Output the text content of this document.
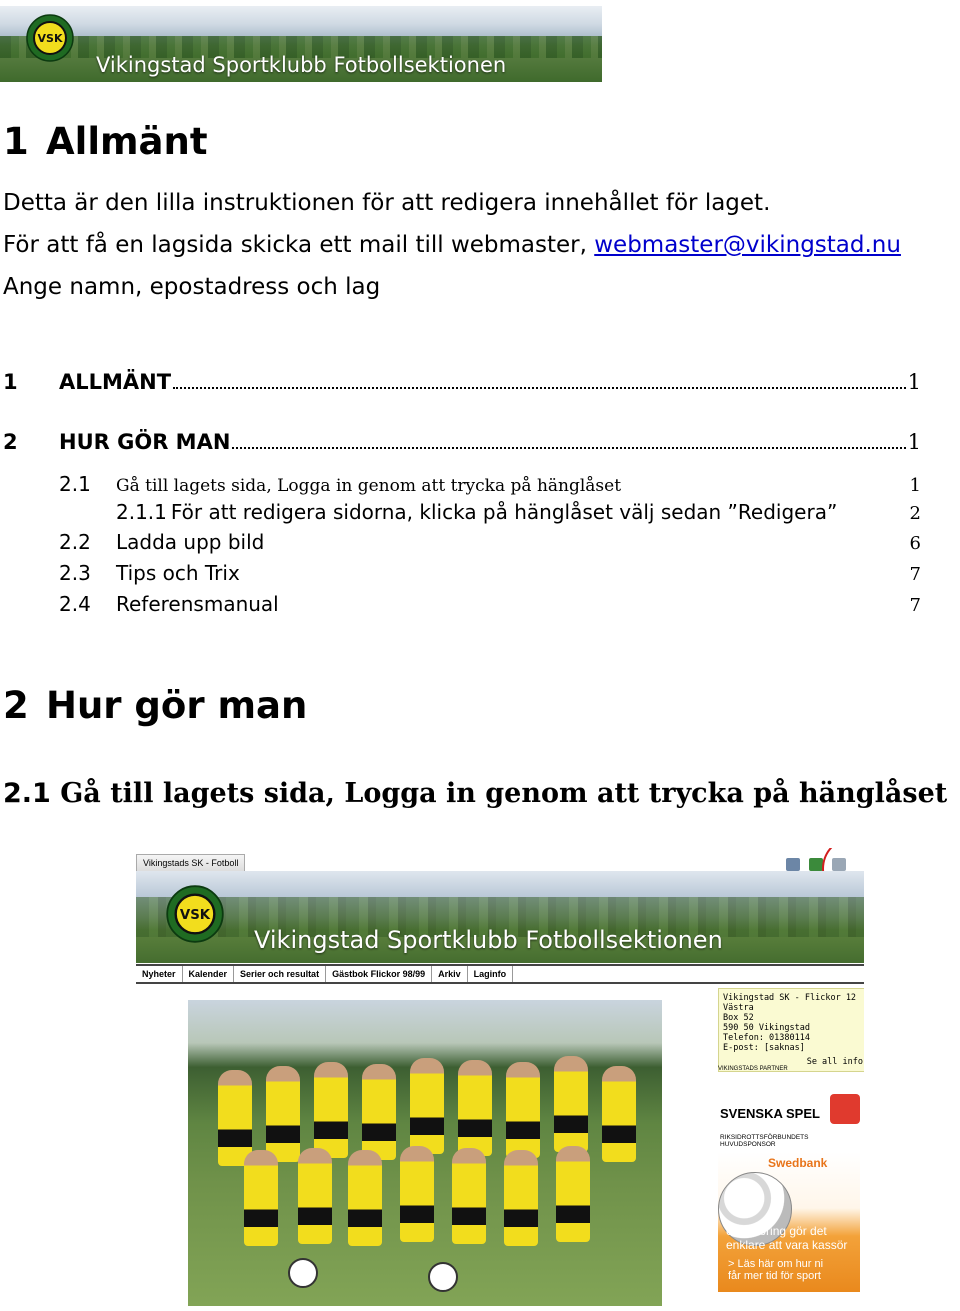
VSK
Vikingstad Sportklubb Fotbollsektionen
1 Allmänt
Detta är den lilla instruktionen för att redigera innehållet för laget.
För att få en lagsida skicka ett mail till webmaster, webmaster@vikingstad.nu
Ange namn, epostadress och lag
1	ALLMÄNT	1
2	HUR GÖR MAN	1
2.1	Gå till lagets sida, Logga in genom att trycka på hänglåset	1
2.1.1 För att redigera sidorna, klicka på hänglåset välj sedan ”Redigera”	2
2.2	Ladda upp bild	6
2.3	Tips och Trix	7
2.4	Referensmanual	7
2 Hur gör man
2.1 Gå till lagets sida, Logga in genom att trycka på hänglåset
Vikingstads SK - Fotboll

VSK
Vikingstad Sportklubb Fotbollsektionen
Nyheter Kalender Serier och resultat Gästbok Flickor 98/99 Arkiv Laginfo
Vikingstad SK - Flickor 12
Västra
Box 52
590 50 Vikingstad
Telefon: 01380114
E-post: [saknas]
Se all info
VIKINGSTADS PARTNER
SVENSKA SPEL
RIKSIDROTTSFÖRBUNDETS HUVUDSPONSOR
Swedbank
e-bokföring gör det
enklare att vara kassör
> Läs här om hur ni
får mer tid för sport
